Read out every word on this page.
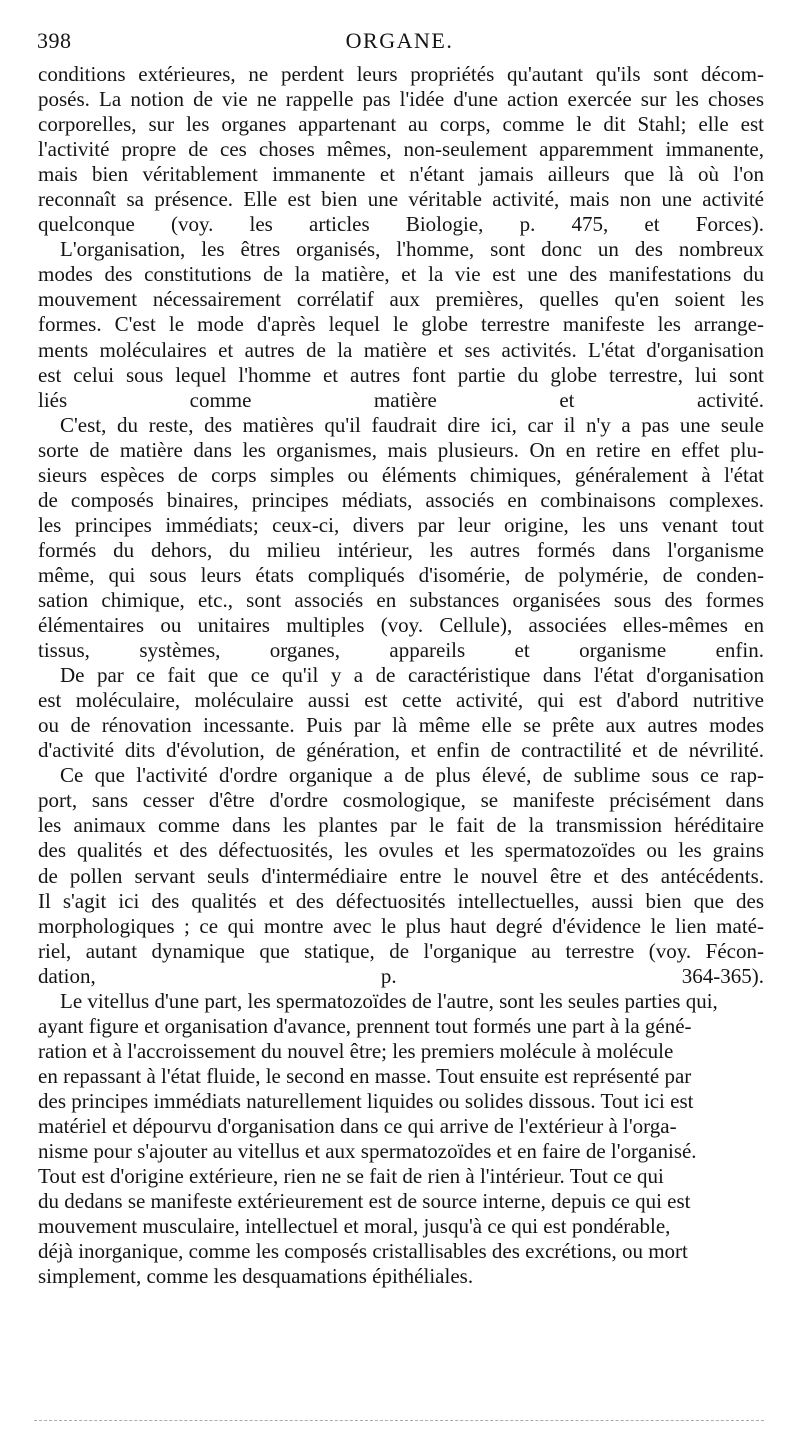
398	ORGANE.
conditions extérieures, ne perdent leurs propriétés qu'autant qu'ils sont décom-
posés. La notion de vie ne rappelle pas l'idée d'une action exercée sur les choses
corporelles, sur les organes appartenant au corps, comme le dit Stahl; elle est
l'activité propre de ces choses mêmes, non-seulement apparemment immanente,
mais bien véritablement immanente et n'étant jamais ailleurs que là où l'on
reconnaît sa présence. Elle est bien une véritable activité, mais non une activité
quelconque (voy. les articles Biologie, p. 475, et Forces).
L'organisation, les êtres organisés, l'homme, sont donc un des nombreux
modes des constitutions de la matière, et la vie est une des manifestations du
mouvement nécessairement corrélatif aux premières, quelles qu'en soient les
formes. C'est le mode d'après lequel le globe terrestre manifeste les arrange-
ments moléculaires et autres de la matière et ses activités. L'état d'organisation
est celui sous lequel l'homme et autres font partie du globe terrestre, lui sont
liés comme matière et activité.
C'est, du reste, des matières qu'il faudrait dire ici, car il n'y a pas une seule
sorte de matière dans les organismes, mais plusieurs. On en retire en effet plu-
sieurs espèces de corps simples ou éléments chimiques, généralement à l'état
de composés binaires, principes médiats, associés en combinaisons complexes.
les principes immédiats; ceux-ci, divers par leur origine, les uns venant tout
formés du dehors, du milieu intérieur, les autres formés dans l'organisme
même, qui sous leurs états compliqués d'isomérie, de polymérie, de conden-
sation chimique, etc., sont associés en substances organisées sous des formes
élémentaires ou unitaires multiples (voy. Cellule), associées elles-mêmes en
tissus, systèmes, organes, appareils et organisme enfin.
De par ce fait que ce qu'il y a de caractéristique dans l'état d'organisation
est moléculaire, moléculaire aussi est cette activité, qui est d'abord nutritive
ou de rénovation incessante. Puis par là même elle se prête aux autres modes
d'activité dits d'évolution, de génération, et enfin de contractilité et de névrilité.
Ce que l'activité d'ordre organique a de plus élevé, de sublime sous ce rap-
port, sans cesser d'être d'ordre cosmologique, se manifeste précisément dans
les animaux comme dans les plantes par le fait de la transmission héréditaire
des qualités et des défectuosités, les ovules et les spermatozoïdes ou les grains
de pollen servant seuls d'intermédiaire entre le nouvel être et des antécédents.
Il s'agit ici des qualités et des défectuosités intellectuelles, aussi bien que des
morphologiques ; ce qui montre avec le plus haut degré d'évidence le lien maté-
riel, autant dynamique que statique, de l'organique au terrestre (voy. Fécon-
dation, p. 364-365).
Le vitellus d'une part, les spermatozoïdes de l'autre, sont les seules parties qui,
ayant figure et organisation d'avance, prennent tout formés une part à la géné-
ration et à l'accroissement du nouvel être; les premiers molécule à molécule
en repassant à l'état fluide, le second en masse. Tout ensuite est représenté par
des principes immédiats naturellement liquides ou solides dissous. Tout ici est
matériel et dépourvu d'organisation dans ce qui arrive de l'extérieur à l'orga-
nisme pour s'ajouter au vitellus et aux spermatozoïdes et en faire de l'organisé.
Tout est d'origine extérieure, rien ne se fait de rien à l'intérieur. Tout ce qui
du dedans se manifeste extérieurement est de source interne, depuis ce qui est
mouvement musculaire, intellectuel et moral, jusqu'à ce qui est pondérable,
déjà inorganique, comme les composés cristallisables des excrétions, ou mort
simplement, comme les desquamations épithéliales.
